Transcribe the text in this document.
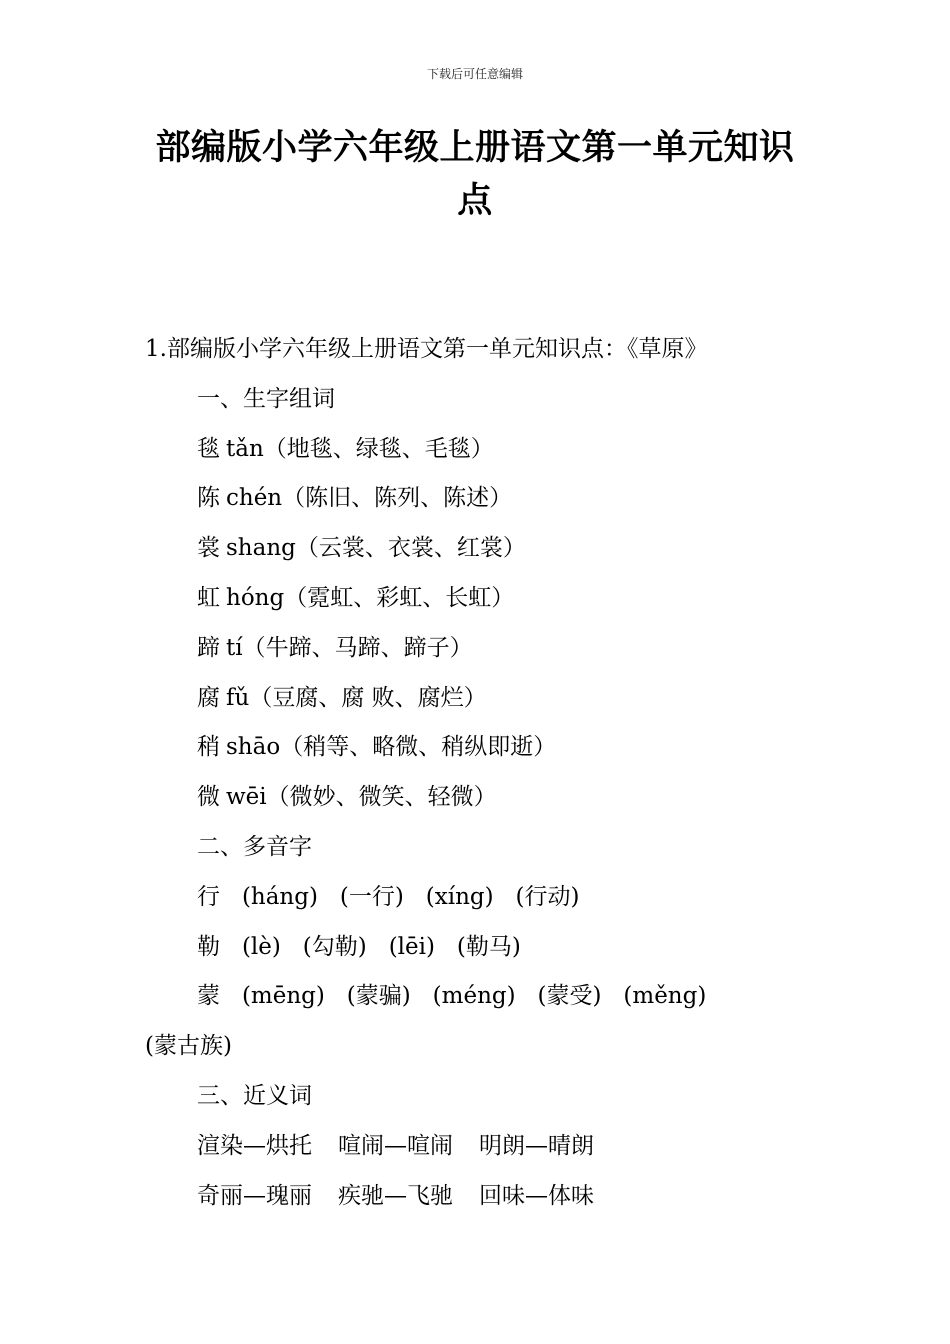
下载后可任意编辑
部编版小学六年级上册语文第一单元知识点
1.部编版小学六年级上册语文第一单元知识点：《草原》
一、生字组词
毯 tǎn（地毯、绿毯、毛毯）
陈 chén（陈旧、陈列、陈述）
裳 shang（云裳、衣裳、红裳）
虹 hóng（霓虹、彩虹、长虹）
蹄 tí（牛蹄、马蹄、蹄子）
腐 fǔ（豆腐、腐 败、腐烂）
稍 shāo（稍等、略微、稍纵即逝）
微 wēi（微妙、微笑、轻微）
二、多音字
行 (háng) (一行) (xíng) (行动)
勒 (lè) (勾勒) (lēi) (勒马)
蒙 (mēng) (蒙骗) (méng) (蒙受) (měng)
(蒙古族)
三、近义词
渲染—烘托 喧闹—喧闹 明朗—晴朗
奇丽—瑰丽 疾驰—飞驰 回味—体味
